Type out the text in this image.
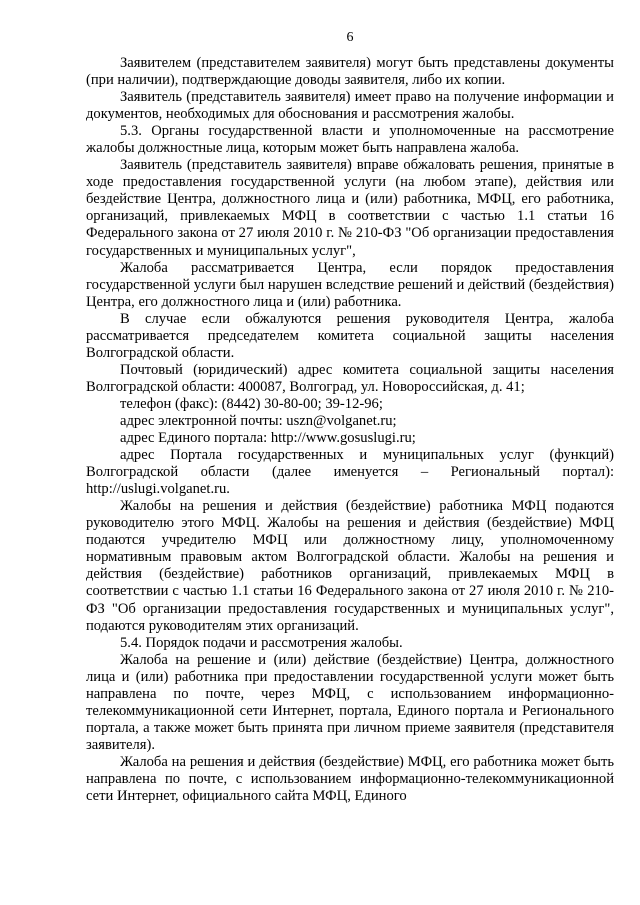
6

Заявителем (представителем заявителя) могут быть представлены документы (при наличии), подтверждающие доводы заявителя, либо их копии.

Заявитель (представитель заявителя) имеет право на получение информации и документов, необходимых для обоснования и рассмотрения жалобы.

5.3. Органы государственной власти и уполномоченные на рассмотрение жалобы должностные лица, которым может быть направлена жалоба.

Заявитель (представитель заявителя) вправе обжаловать решения, принятые в ходе предоставления государственной услуги (на любом этапе), действия или бездействие Центра, должностного лица и (или) работника, МФЦ, его работника, организаций, привлекаемых МФЦ в соответствии с частью 1.1 статьи 16 Федерального закона от 27 июля 2010 г. № 210-ФЗ "Об организации предоставления государственных и муниципальных услуг",

Жалоба рассматривается Центра, если порядок предоставления государственной услуги был нарушен вследствие решений и действий (бездействия) Центра, его должностного лица и (или) работника.

В случае если обжалуются решения руководителя Центра, жалоба рассматривается председателем комитета социальной защиты населения Волгоградской области.

Почтовый (юридический) адрес комитета социальной защиты населения Волгоградской области: 400087, Волгоград, ул. Новороссийская, д. 41;

телефон (факс): (8442) 30-80-00; 39-12-96;

адрес электронной почты: uszn@volganet.ru;

адрес Единого портала: http://www.gosuslugi.ru;

адрес Портала государственных и муниципальных услуг (функций) Волгоградской области (далее именуется – Региональный портал): http://uslugi.volganet.ru.

Жалобы на решения и действия (бездействие) работника МФЦ подаются руководителю этого МФЦ. Жалобы на решения и действия (бездействие) МФЦ подаются учредителю МФЦ или должностному лицу, уполномоченному нормативным правовым актом Волгоградской области. Жалобы на решения и действия (бездействие) работников организаций, привлекаемых МФЦ в соответствии с частью 1.1 статьи 16 Федерального закона от 27 июля 2010 г. № 210-ФЗ "Об организации предоставления государственных и муниципальных услуг", подаются руководителям этих организаций.

5.4. Порядок подачи и рассмотрения жалобы.

Жалоба на решение и (или) действие (бездействие) Центра, должностного лица и (или) работника при предоставлении государственной услуги может быть направлена по почте, через МФЦ, с использованием информационно-телекоммуникационной сети Интернет, портала, Единого портала и Регионального портала, а также может быть принята при личном приеме заявителя (представителя заявителя).

Жалоба на решения и действия (бездействие) МФЦ, его работника может быть направлена по почте, с использованием информационно-телекоммуникационной сети Интернет, официального сайта МФЦ, Единого
